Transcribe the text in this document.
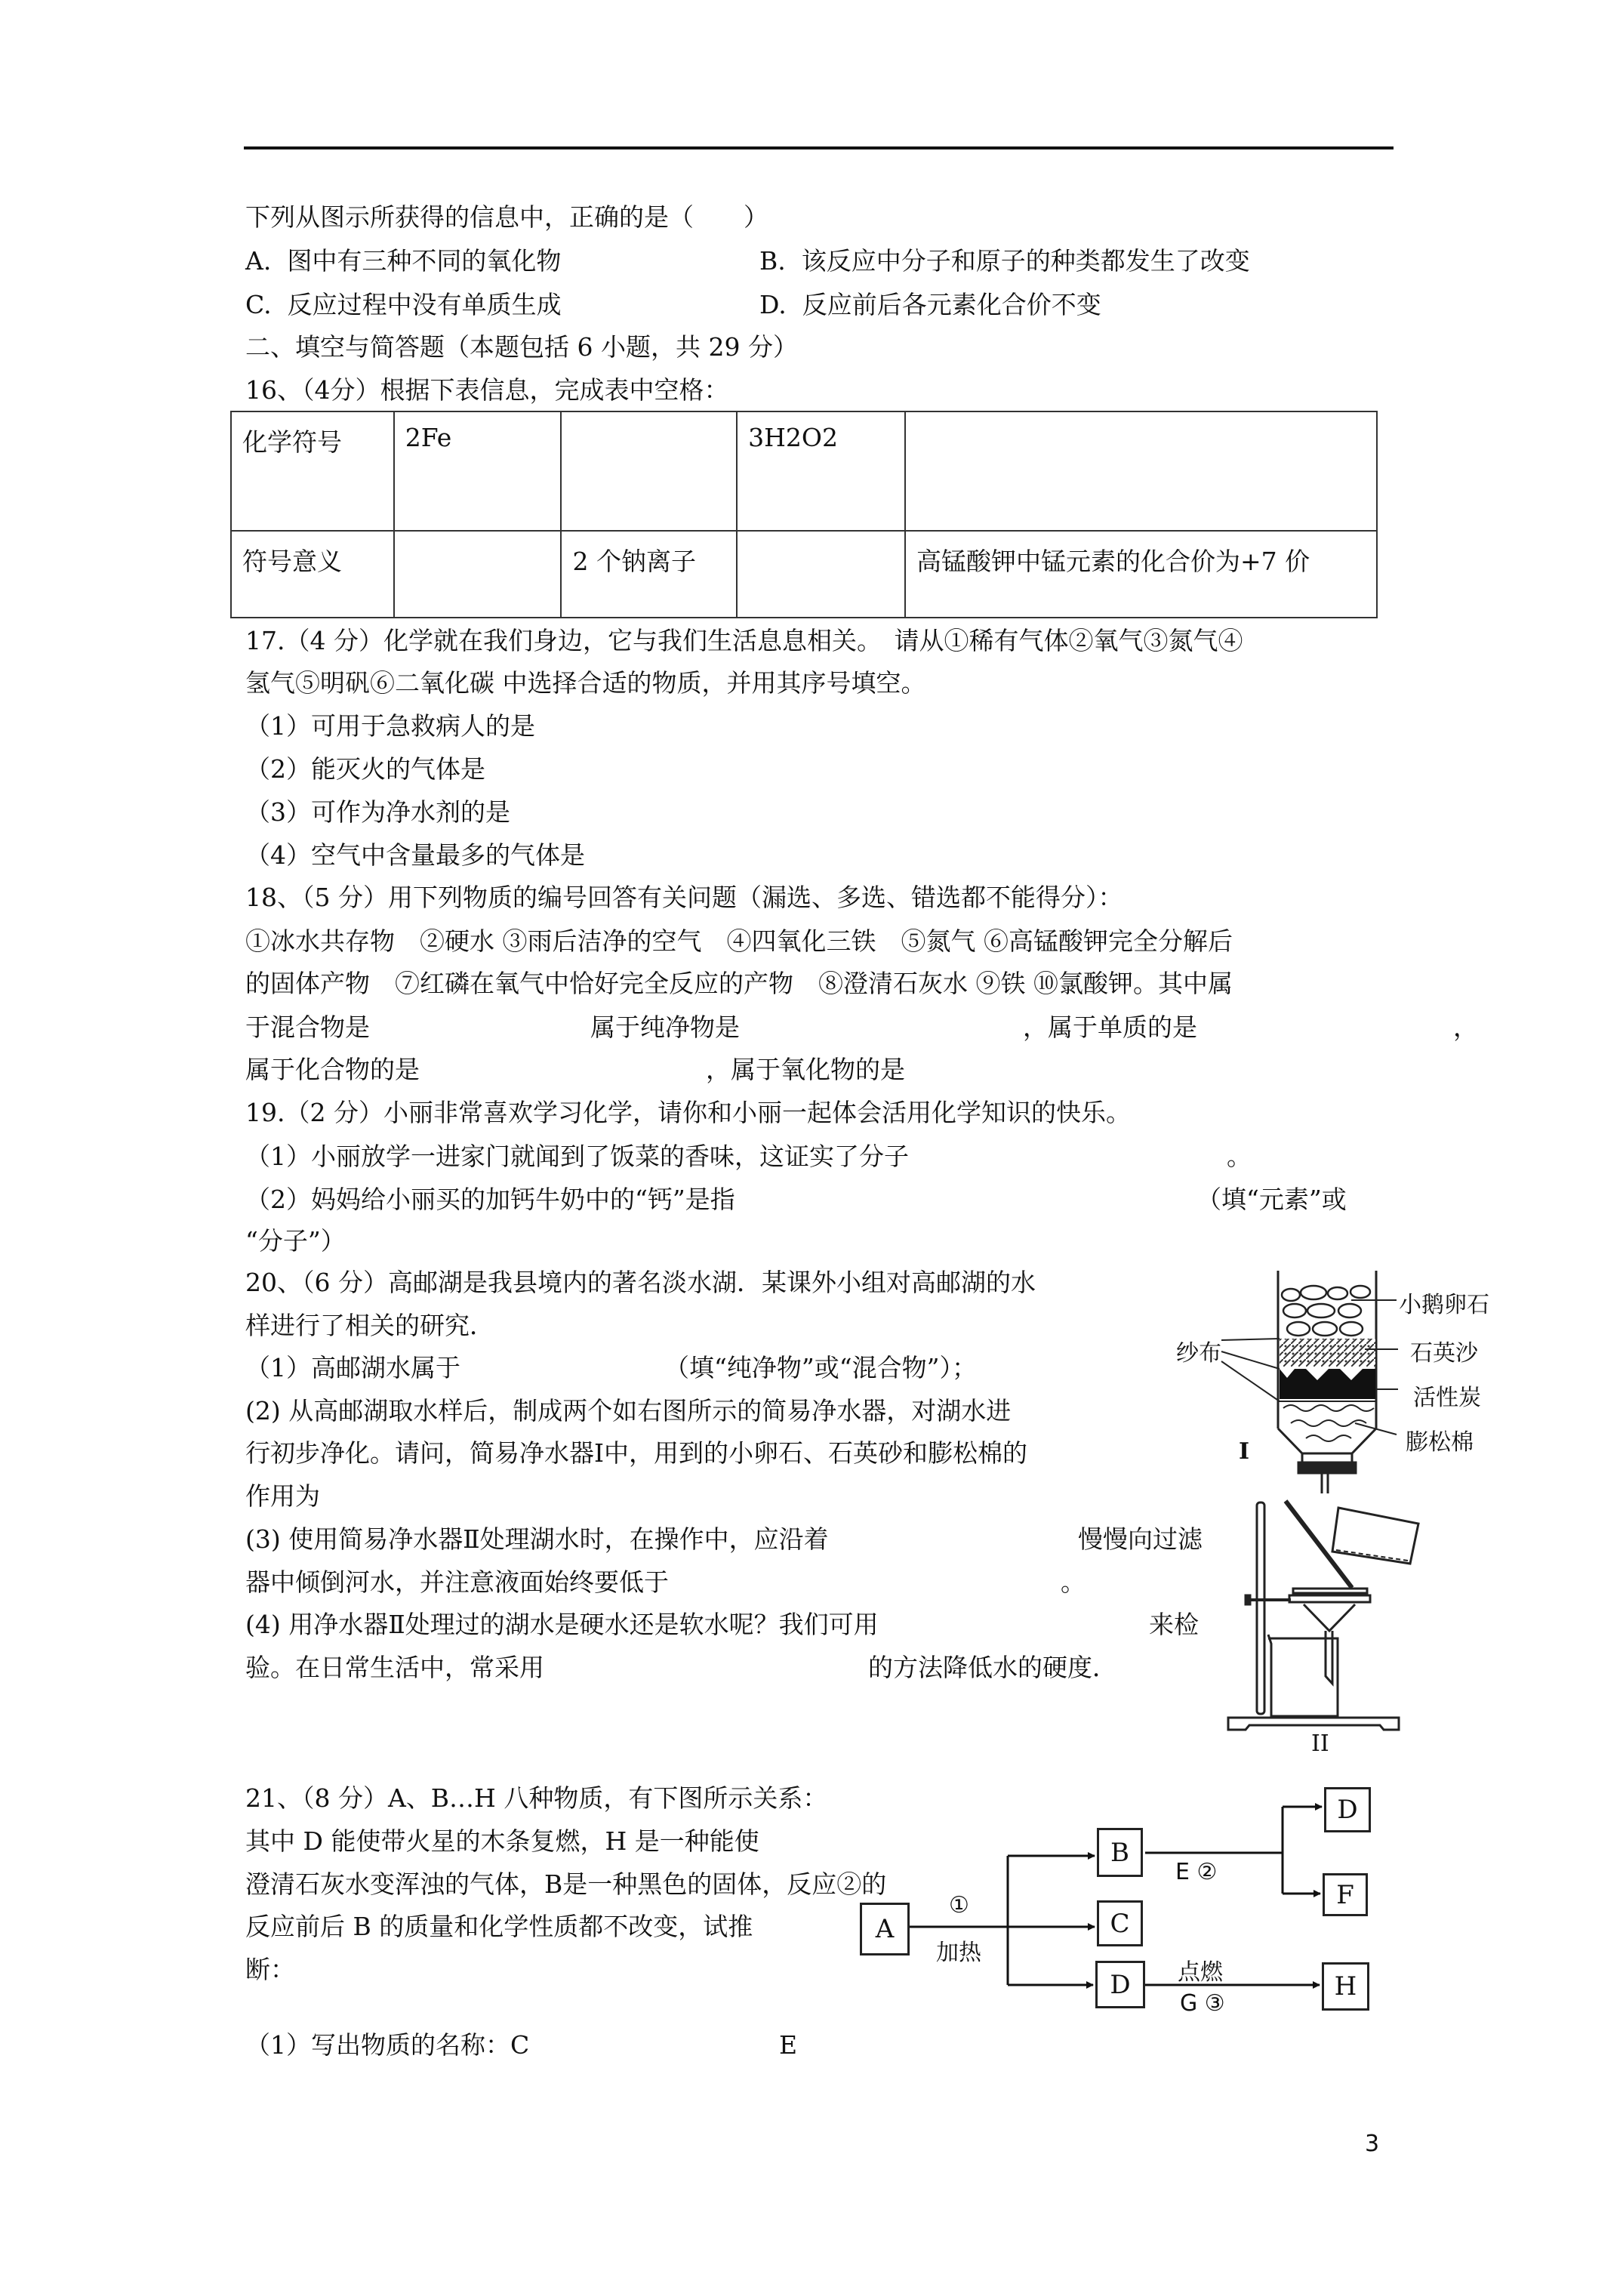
下列从图示所获得的信息中，正确的是（　　）
A. 图中有三种不同的氧化物	B. 该反应中分子和原子的种类都发生了改变
C. 反应过程中没有单质生成	D. 反应前后各元素化合价不变
二、填空与简答题（本题包括 6 小题，共 29 分）
16、（4分）根据下表信息，完成表中空格：
化学符号	2Fe		3H2O2	
符号意义		2 个钠离子		高锰酸钾中锰元素的化合价为+7 价
17.（4 分）化学就在我们身边，它与我们生活息息相关。　请从①稀有气体②氧气③氮气④
氢气⑤明矾⑥二氧化碳 中选择合适的物质，并用其序号填空。
（1）可用于急救病人的是
（2）能灭火的气体是
（3）可作为净水剂的是
（4）空气中含量最多的气体是
18、（5 分）用下列物质的编号回答有关问题（漏选、多选、错选都不能得分）：
①冰水共存物　②硬水 ③雨后洁净的空气　④四氧化三铁　⑤氮气 ⑥高锰酸钾完全分解后
的固体产物　⑦红磷在氧气中恰好完全反应的产物　⑧澄清石灰水 ⑨铁 ⑩氯酸钾。其中属
于混合物是	属于纯净物是	，属于单质的是	，
属于化合物的是	，属于氧化物的是
19.（2 分）小丽非常喜欢学习化学，请你和小丽一起体会活用化学知识的快乐。
（1）小丽放学一进家门就闻到了饭菜的香味，这证实了分子	。
（2）妈妈给小丽买的加钙牛奶中的“钙”是指	（填“元素”或
“分子”）
20、（6 分）高邮湖是我县境内的著名淡水湖．某课外小组对高邮湖的水
样进行了相关的研究．
（1）高邮湖水属于	（填“纯净物”或“混合物”）；
(2) 从高邮湖取水样后，制成两个如右图所示的简易净水器，对湖水进
行初步净化。请问，简易净水器Ⅰ中，用到的小卵石、石英砂和膨松棉的
作用为
(3) 使用简易净水器Ⅱ处理湖水时，在操作中，应沿着	慢慢向过滤
器中倾倒河水，并注意液面始终要低于	。
(4) 用净水器Ⅱ处理过的湖水是硬水还是软水呢？我们可用	来检
验。在日常生活中，常采用	的方法降低水的硬度．
小鹅卵石
石英沙
活性炭
膨松棉
纱布
I
II
21、（8 分）A、B…H 八种物质，有下图所示关系：
其中 D 能使带火星的木条复燃，H 是一种能使
澄清石灰水变浑浊的气体，B是一种黑色的固体，反应②的
反应前后 B 的质量和化学性质都不改变，试推
断：
（1）写出物质的名称：C	E
A
B
C
D
D
F
H
①
加热
E ②
点燃
G ③
3
